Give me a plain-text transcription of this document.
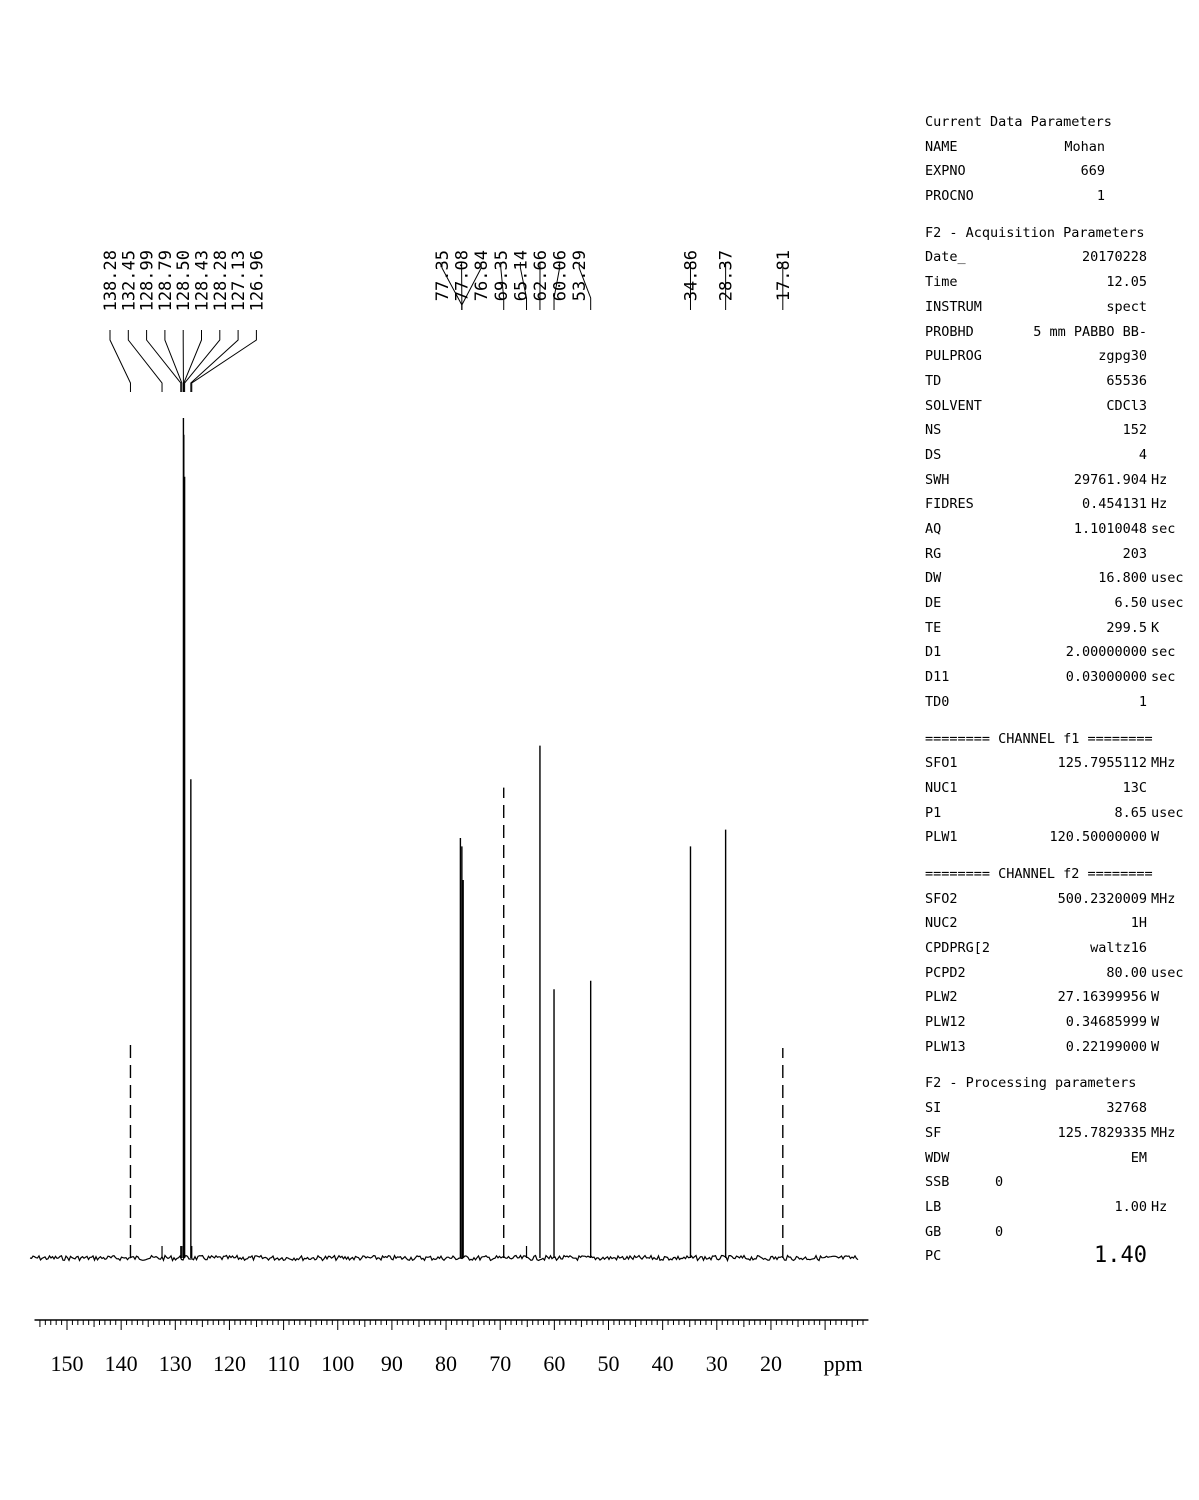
138.28
132.45
128.99
128.79
128.50
128.43
128.28
127.13
126.96	77.35 77.08 76.84 69.35 65.14 62.66 60.06 53.29	34.86 28.37 17.81
150 140 130 120 110 100 90 80 70 60 50 40 30 20 ppm
Current Data Parameters
NAME	Mohan
EXPNO	669
PROCNO	1
F2 - Acquisition Parameters
Date_	20170228
Time	12.05
INSTRUM	spect
PROBHD	5 mm PABBO BB-
PULPROG	zgpg30
TD	65536
SOLVENT	CDCl3
NS	152
DS	4
SWH	29761.904 Hz
FIDRES	0.454131 Hz
AQ	1.1010048 sec
RG	203
DW	16.800 usec
DE	6.50 usec
TE	299.5 K
D1	2.00000000 sec
D11	0.03000000 sec
TD0	1
======== CHANNEL f1 ========
SFO1	125.7955112 MHz
NUC1	13C
P1	8.65 usec
PLW1	120.50000000 W
======== CHANNEL f2 ========
SFO2	500.2320009 MHz
NUC2	1H
CPDPRG[2	waltz16
PCPD2	80.00 usec
PLW2	27.16399956 W
PLW12	0.34685999 W
PLW13	0.22199000 W
F2 - Processing parameters
SI	32768
SF	125.7829335 MHz
WDW	EM
SSB	0
LB	1.00 Hz
GB	0
PC	1.40
